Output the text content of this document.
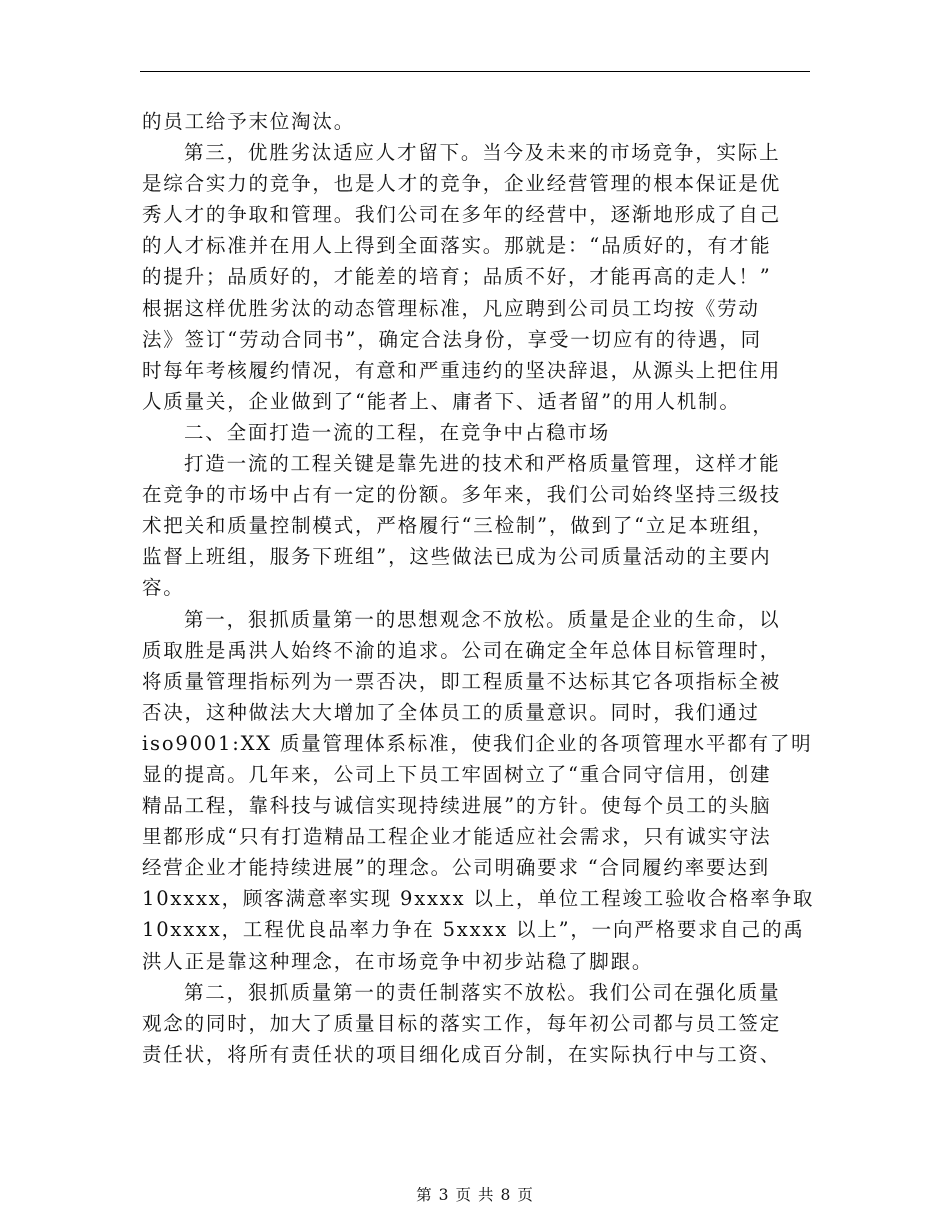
的员工给予末位淘汰。
第三，优胜劣汰适应人才留下。当今及未来的市场竞争，实际上
是综合实力的竞争，也是人才的竞争，企业经营管理的根本保证是优
秀人才的争取和管理。我们公司在多年的经营中，逐渐地形成了自己
的人才标准并在用人上得到全面落实。那就是：“品质好的，有才能
的提升；品质好的，才能差的培育；品质不好，才能再高的走人！”
根据这样优胜劣汰的动态管理标准，凡应聘到公司员工均按《劳动
法》签订“劳动合同书”，确定合法身份，享受一切应有的待遇，同
时每年考核履约情况，有意和严重违约的坚决辞退，从源头上把住用
人质量关，企业做到了“能者上、庸者下、适者留”的用人机制。
二、全面打造一流的工程，在竞争中占稳市场
打造一流的工程关键是靠先进的技术和严格质量管理，这样才能
在竞争的市场中占有一定的份额。多年来，我们公司始终坚持三级技
术把关和质量控制模式，严格履行“三检制”，做到了“立足本班组，
监督上班组，服务下班组”，这些做法已成为公司质量活动的主要内
容。
第一，狠抓质量第一的思想观念不放松。质量是企业的生命，以
质取胜是禹洪人始终不渝的追求。公司在确定全年总体目标管理时，
将质量管理指标列为一票否决，即工程质量不达标其它各项指标全被
否决，这种做法大大增加了全体员工的质量意识。同时，我们通过
iso9001:XX 质量管理体系标准，使我们企业的各项管理水平都有了明
显的提高。几年来，公司上下员工牢固树立了“重合同守信用，创建
精品工程，靠科技与诚信实现持续进展”的方针。使每个员工的头脑
里都形成“只有打造精品工程企业才能适应社会需求，只有诚实守法
经营企业才能持续进展”的理念。公司明确要求 “合同履约率要达到
10xxxx，顾客满意率实现 9xxxx 以上，单位工程竣工验收合格率争取
10xxxx，工程优良品率力争在 5xxxx 以上”，一向严格要求自己的禹
洪人正是靠这种理念，在市场竞争中初步站稳了脚跟。
第二，狠抓质量第一的责任制落实不放松。我们公司在强化质量
观念的同时，加大了质量目标的落实工作，每年初公司都与员工签定
责任状，将所有责任状的项目细化成百分制，在实际执行中与工资、
第 3 页 共 8 页
